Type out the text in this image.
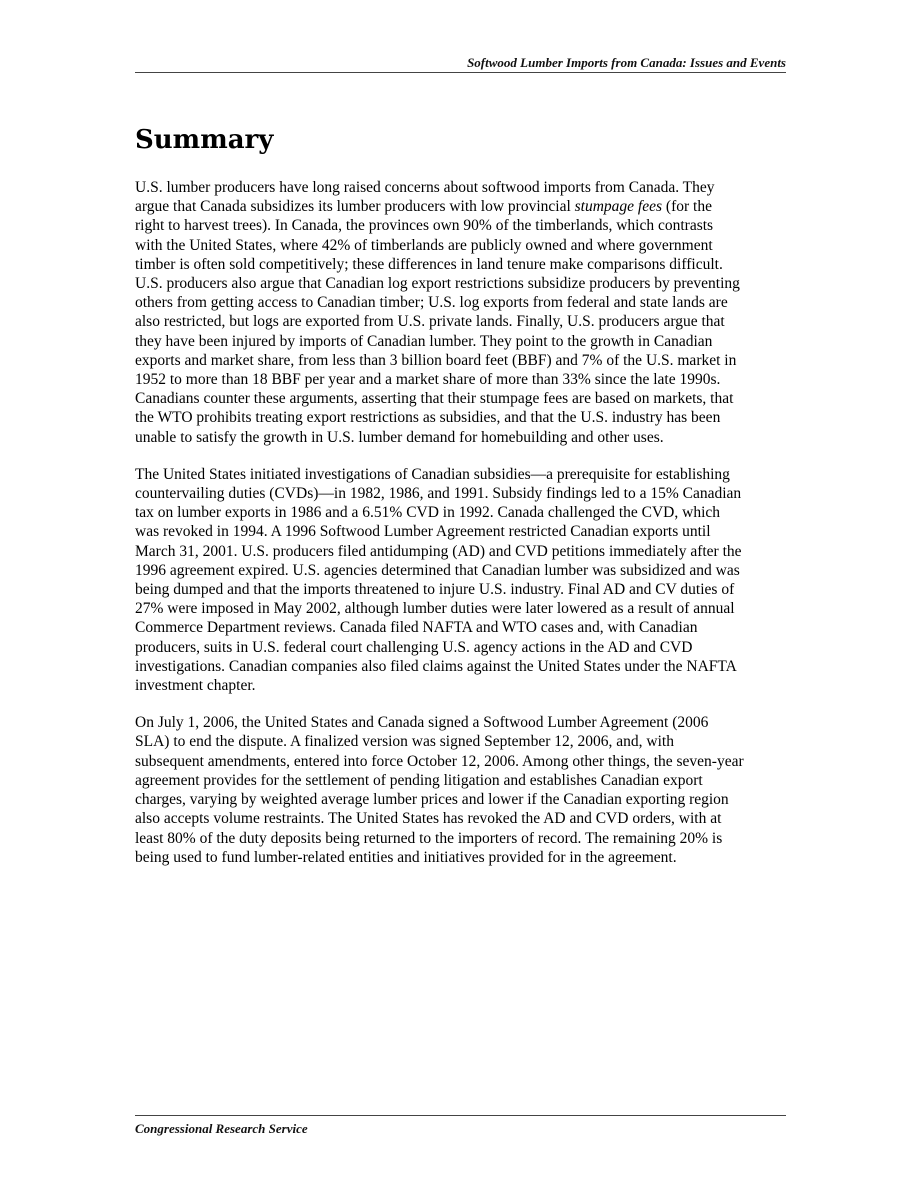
Softwood Lumber Imports from Canada: Issues and Events
Summary

U.S. lumber producers have long raised concerns about softwood imports from Canada. They
argue that Canada subsidizes its lumber producers with low provincial stumpage fees (for the
right to harvest trees). In Canada, the provinces own 90% of the timberlands, which contrasts
with the United States, where 42% of timberlands are publicly owned and where government
timber is often sold competitively; these differences in land tenure make comparisons difficult.
U.S. producers also argue that Canadian log export restrictions subsidize producers by preventing
others from getting access to Canadian timber; U.S. log exports from federal and state lands are
also restricted, but logs are exported from U.S. private lands. Finally, U.S. producers argue that
they have been injured by imports of Canadian lumber. They point to the growth in Canadian
exports and market share, from less than 3 billion board feet (BBF) and 7% of the U.S. market in
1952 to more than 18 BBF per year and a market share of more than 33% since the late 1990s.
Canadians counter these arguments, asserting that their stumpage fees are based on markets, that
the WTO prohibits treating export restrictions as subsidies, and that the U.S. industry has been
unable to satisfy the growth in U.S. lumber demand for homebuilding and other uses.

The United States initiated investigations of Canadian subsidies—a prerequisite for establishing
countervailing duties (CVDs)—in 1982, 1986, and 1991. Subsidy findings led to a 15% Canadian
tax on lumber exports in 1986 and a 6.51% CVD in 1992. Canada challenged the CVD, which
was revoked in 1994. A 1996 Softwood Lumber Agreement restricted Canadian exports until
March 31, 2001. U.S. producers filed antidumping (AD) and CVD petitions immediately after the
1996 agreement expired. U.S. agencies determined that Canadian lumber was subsidized and was
being dumped and that the imports threatened to injure U.S. industry. Final AD and CV duties of
27% were imposed in May 2002, although lumber duties were later lowered as a result of annual
Commerce Department reviews. Canada filed NAFTA and WTO cases and, with Canadian
producers, suits in U.S. federal court challenging U.S. agency actions in the AD and CVD
investigations. Canadian companies also filed claims against the United States under the NAFTA
investment chapter.

On July 1, 2006, the United States and Canada signed a Softwood Lumber Agreement (2006
SLA) to end the dispute. A finalized version was signed September 12, 2006, and, with
subsequent amendments, entered into force October 12, 2006. Among other things, the seven-year
agreement provides for the settlement of pending litigation and establishes Canadian export
charges, varying by weighted average lumber prices and lower if the Canadian exporting region
also accepts volume restraints. The United States has revoked the AD and CVD orders, with at
least 80% of the duty deposits being returned to the importers of record. The remaining 20% is
being used to fund lumber-related entities and initiatives provided for in the agreement.

Congressional Research Service
